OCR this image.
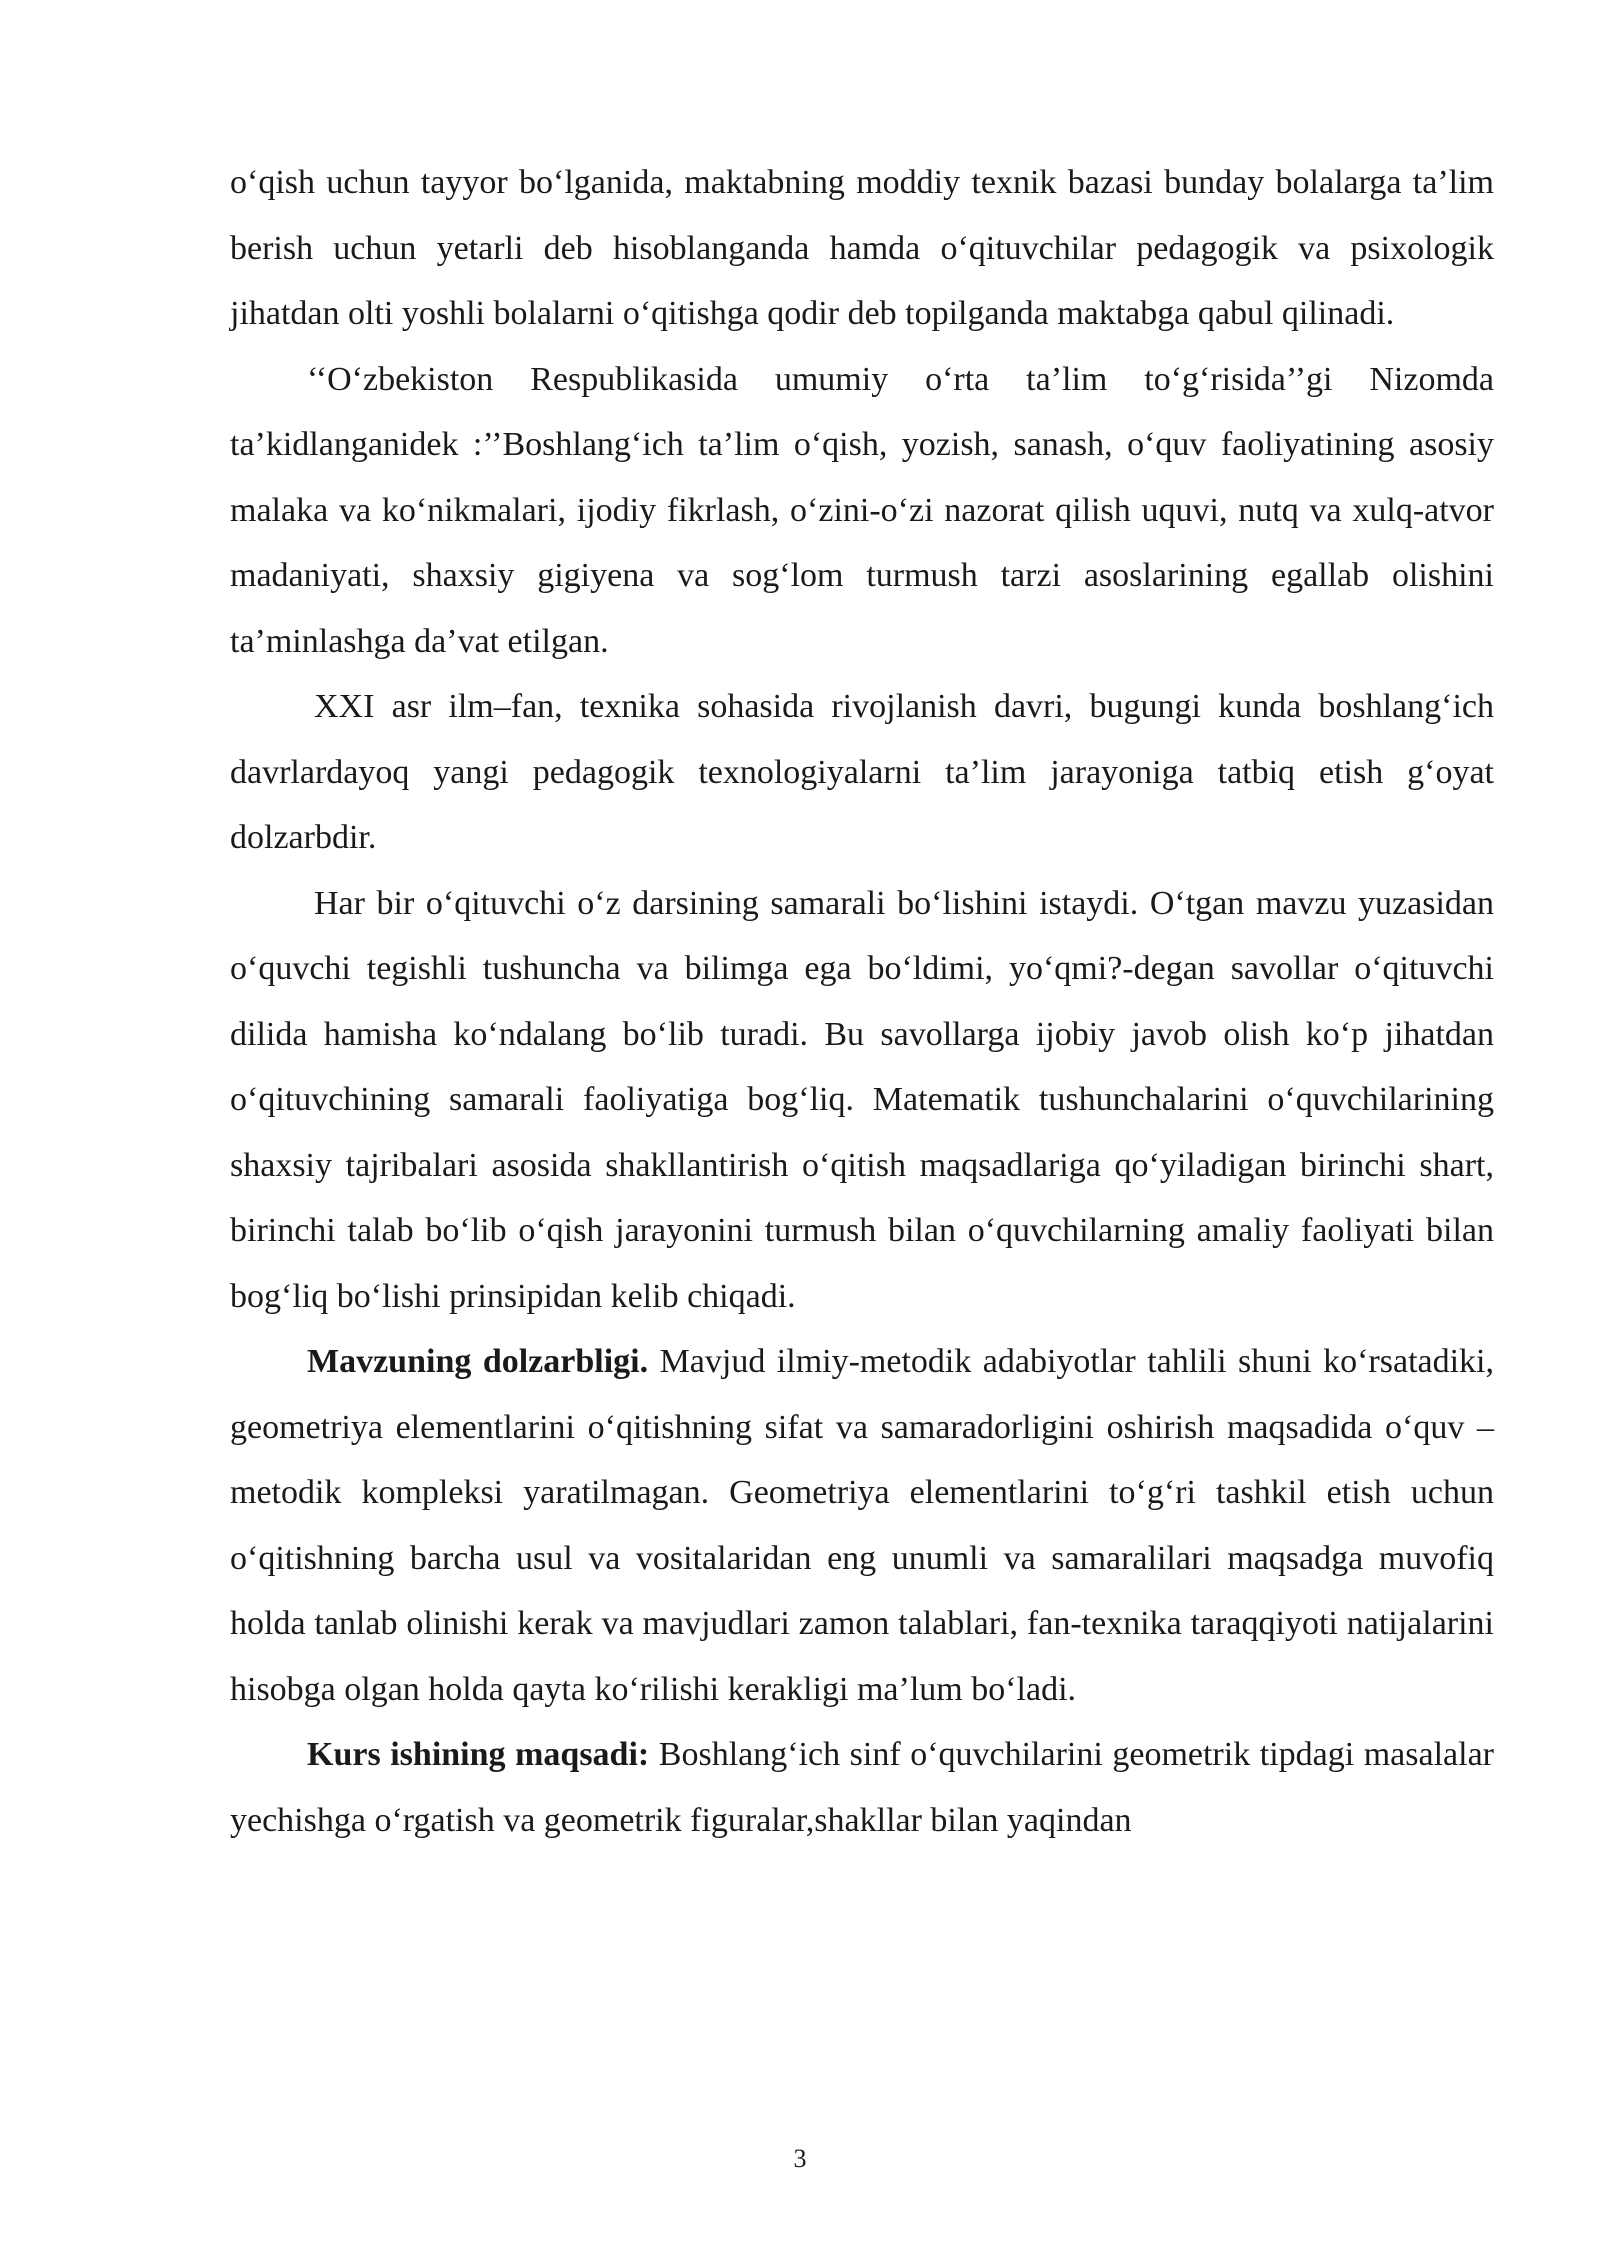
o‘qish uchun tayyor bo‘lganida, maktabning moddiy texnik bazasi bunday bolalarga ta’lim berish uchun yetarli deb hisoblanganda hamda o‘qituvchilar pedagogik va psixologik jihatdan olti yoshli bolalarni o‘qitishga qodir deb topilganda maktabga qabul qilinadi.

‘‘O‘zbekiston Respublikasida umumiy o‘rta ta’lim to‘g‘risida’’gi Nizomda ta’kidlanganidek :’’Boshlang‘ich ta’lim o‘qish, yozish, sanash, o‘quv faoliyatining asosiy malaka va ko‘nikmalari, ijodiy fikrlash, o‘zini-o‘zi nazorat qilish uquvi, nutq va xulq-atvor madaniyati, shaxsiy gigiyena va sog‘lom turmush tarzi asoslarining egallab olishini ta’minlashga da’vat etilgan.

XXI asr ilm–fan, texnika sohasida rivojlanish davri, bugungi kunda boshlang‘ich davrlardayoq yangi pedagogik texnologiyalarni ta’lim jarayoniga tatbiq etish g‘oyat dolzarbdir.

Har bir o‘qituvchi o‘z darsining samarali bo‘lishini istaydi. O‘tgan mavzu yuzasidan o‘quvchi tegishli tushuncha va bilimga ega bo‘ldimi, yo‘qmi?-degan savollar o‘qituvchi dilida hamisha ko‘ndalang bo‘lib turadi. Bu savollarga ijobiy javob olish ko‘p jihatdan o‘qituvchining samarali faoliyatiga bog‘liq. Matematik tushunchalarini o‘quvchilarining shaxsiy tajribalari asosida shakllantirish o‘qitish maqsadlariga qo‘yiladigan birinchi shart, birinchi talab bo‘lib o‘qish jarayonini turmush bilan o‘quvchilarning amaliy faoliyati bilan bog‘liq bo‘lishi prinsipidan kelib chiqadi.

Mavzuning dolzarbligi. Mavjud ilmiy-metodik adabiyotlar tahlili shuni ko‘rsatadiki, geometriya elementlarini o‘qitishning sifat va samaradorligini oshirish maqsadida o‘quv – metodik kompleksi yaratilmagan. Geometriya elementlarini to‘g‘ri tashkil etish uchun o‘qitishning barcha usul va vositalaridan eng unumli va samaralilari maqsadga muvofiq holda tanlab olinishi kerak va mavjudlari zamon talablari, fan-texnika taraqqiyoti natijalarini hisobga olgan holda qayta ko‘rilishi kerakligi ma’lum bo‘ladi.

Kurs ishining maqsadi: Boshlang‘ich sinf o‘quvchilarini geometrik tipdagi masalalar yechishga o‘rgatish va geometrik figuralar,shakllar bilan yaqindan

3
